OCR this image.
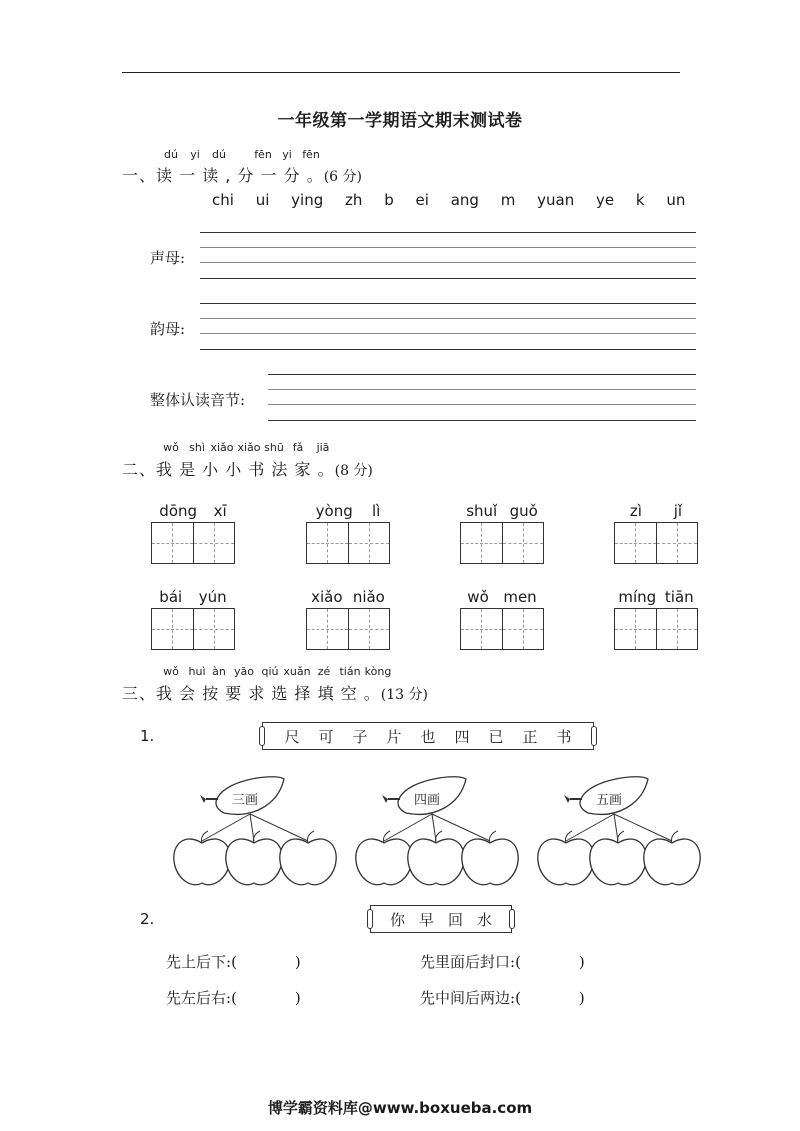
一年级第一学期语文期末测试卷
dú yi dú	fēn yi fēn
一、读 一 读 , 分 一 分 。(6 分)
chi ui ying zh b ei ang m yuan ye k un
声母:
韵母:
整体认读音节:
wǒ shì xiǎo xiǎo shū fǎ jiā
二、我 是 小 小 书 法 家 。(8 分)
dōng xī	yòng lì	shuǐ guǒ	zì jǐ
bái yún	xiǎo niǎo	wǒ men	míng tiān
wǒ huì àn yāo qiú xuǎn zé tián kòng
三、我 会 按 要 求 选 择 填 空 。(13 分)
1.	尺 可 子 片 也 四 已 正 书
三画	四画	五画
2.	你 早 回 水
先上后下:(	)	先里面后封口:(	)
先左后右:(	)	先中间后两边:(	)
博学霸资料库@www.boxueba.com
